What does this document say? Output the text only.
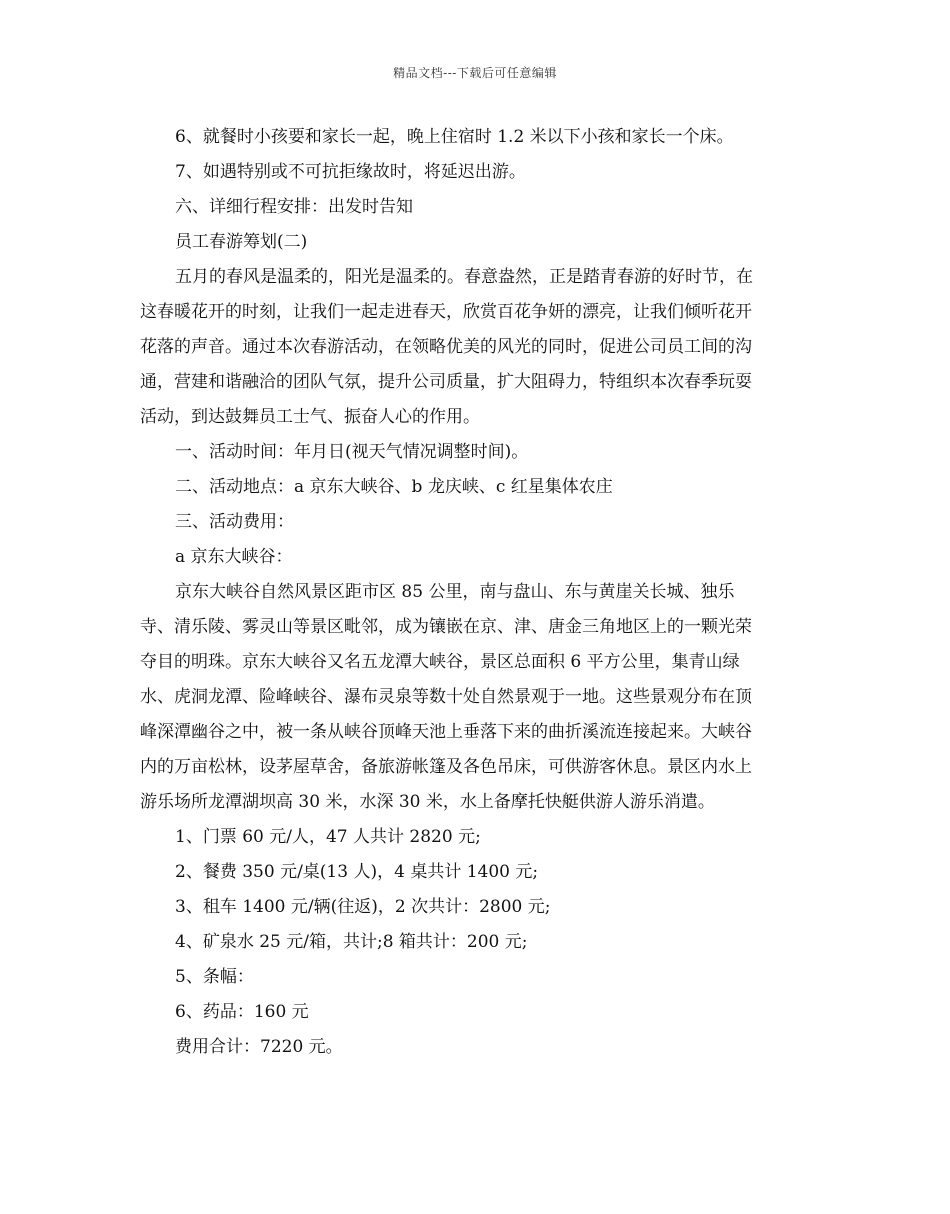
精品文档---下载后可任意编辑
6、就餐时小孩要和家长一起，晚上住宿时 1.2 米以下小孩和家长一个床。
7、如遇特别或不可抗拒缘故时，将延迟出游。
六、详细行程安排：出发时告知
员工春游筹划(二)
五月的春风是温柔的，阳光是温柔的。春意盎然，正是踏青春游的好时节，在
这春暖花开的时刻，让我们一起走进春天，欣赏百花争妍的漂亮，让我们倾听花开
花落的声音。通过本次春游活动，在领略优美的风光的同时，促进公司员工间的沟
通，营建和谐融洽的团队气氛，提升公司质量，扩大阻碍力，特组织本次春季玩耍
活动，到达鼓舞员工士气、振奋人心的作用。
一、活动时间：年月日(视天气情况调整时间)。
二、活动地点：a 京东大峡谷、b 龙庆峡、c 红星集体农庄
三、活动费用：
a 京东大峡谷：
京东大峡谷自然风景区距市区 85 公里，南与盘山、东与黄崖关长城、独乐
寺、清乐陵、雾灵山等景区毗邻，成为镶嵌在京、津、唐金三角地区上的一颗光荣
夺目的明珠。京东大峡谷又名五龙潭大峡谷，景区总面积 6 平方公里，集青山绿
水、虎洞龙潭、险峰峡谷、瀑布灵泉等数十处自然景观于一地。这些景观分布在顶
峰深潭幽谷之中，被一条从峡谷顶峰天池上垂落下来的曲折溪流连接起来。大峡谷
内的万亩松林，设茅屋草舍，备旅游帐篷及各色吊床，可供游客休息。景区内水上
游乐场所龙潭湖坝高 30 米，水深 30 米，水上备摩托快艇供游人游乐消遣。
1、门票 60 元/人，47 人共计 2820 元;
2、餐费 350 元/桌(13 人)，4 桌共计 1400 元;
3、租车 1400 元/辆(往返)，2 次共计：2800 元;
4、矿泉水 25 元/箱，共计;8 箱共计：200 元;
5、条幅：
6、药品：160 元
费用合计：7220 元。
